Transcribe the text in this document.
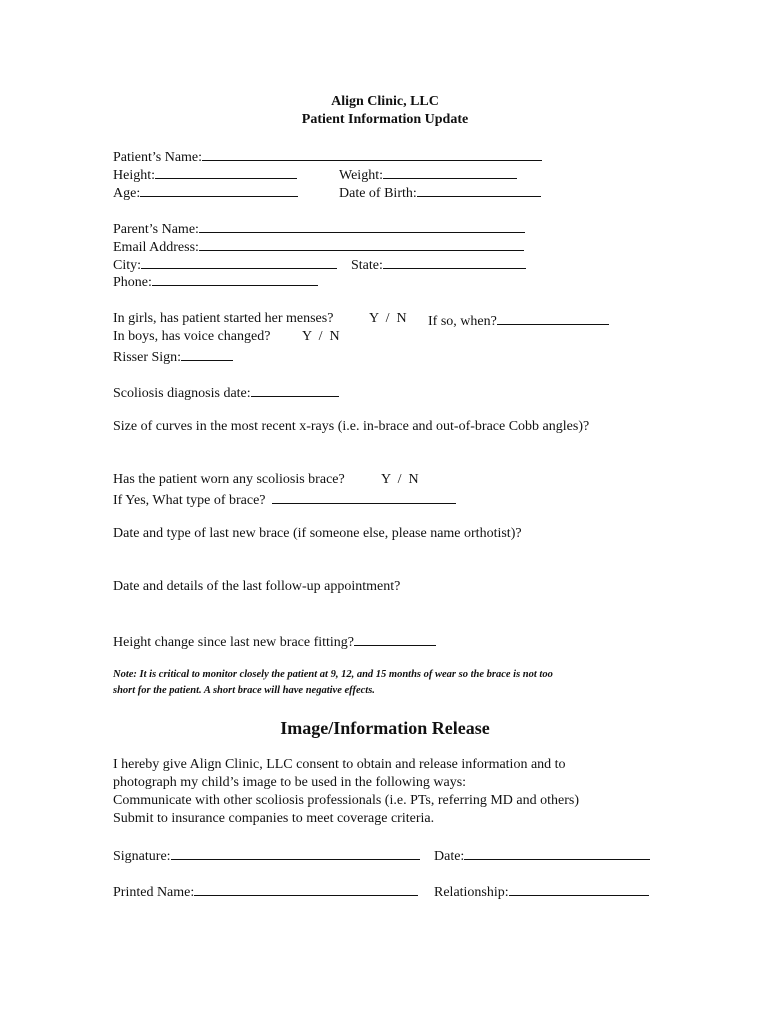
Align Clinic, LLC
Patient Information Update
Patient’s Name:
Height:	Weight:
Age:	Date of Birth:
Parent’s Name:
Email Address:
City:	State:
Phone:
In girls, has patient started her menses?	Y  /  N If so, when?
In boys, has voice changed? Y  /  N
Risser Sign:
Scoliosis diagnosis date:
Size of curves in the most recent x-rays (i.e. in-brace and out-of-brace Cobb angles)?
Has the patient worn any scoliosis brace?	Y  /  N
If Yes, What type of brace?
Date and type of last new brace (if someone else, please name orthotist)?
Date and details of the last follow-up appointment?
Height change since last new brace fitting?
Note: It is critical to monitor closely the patient at 9, 12, and 15 months of wear so the brace is not too
short for the patient. A short brace will have negative effects.
Image/Information Release
I hereby give Align Clinic, LLC consent to obtain and release information and to
photograph my child’s image to be used in the following ways:
Communicate with other scoliosis professionals (i.e. PTs, referring MD and others)
Submit to insurance companies to meet coverage criteria.
Signature:	Date:
Printed Name:	Relationship:
